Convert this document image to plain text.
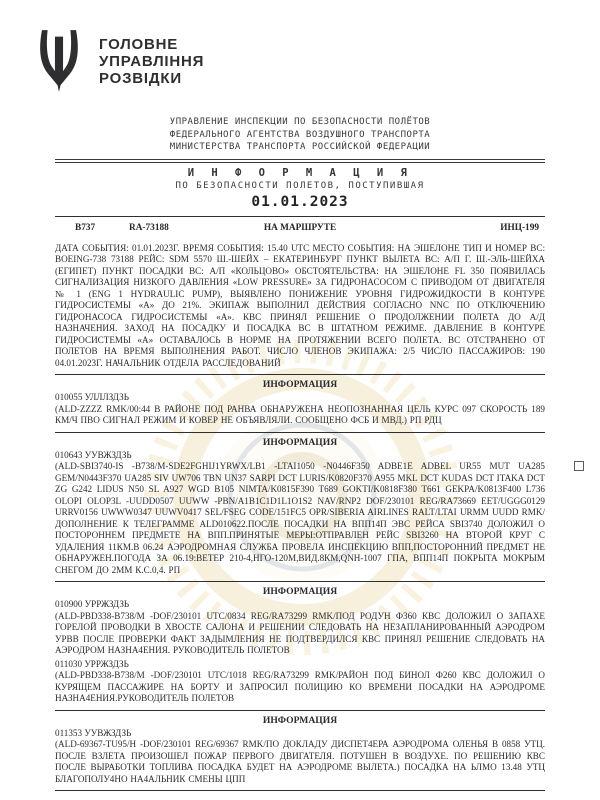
ГОЛОВНЕ
УПРАВЛІННЯ
РОЗВІДКИ
УПРАВЛЕНИЕ ИНСПЕКЦИИ ПО БЕЗОПАСНОСТИ ПОЛЁТОВ
ФЕДЕРАЛЬНОГО АГЕНТСТВА ВОЗДУШНОГО ТРАНСПОРТА
МИНИСТЕРСТВА ТРАНСПОРТА РОССИЙСКОЙ ФЕДЕРАЦИИ
И Н Ф О Р М А Ц И Я
ПО БЕЗОПАСНОСТИ ПОЛЕТОВ, ПОСТУПИВШАЯ
01.01.2023
В737	RA-73188	НА МАРШРУТЕ	ИНЦ-199
ДАТА СОБЫТИЯ: 01.01.2023Г. ВРЕМЯ СОБЫТИЯ: 15.40 UTC МЕСТО СОБЫТИЯ: НА ЭШЕЛОНЕ ТИП И НОМЕР ВС: BOEING-738 73188 РЕЙС: SDM 5570 Ш.-ШЕЙХ – ЕКАТЕРИНБУРГ ПУНКТ ВЫЛЕТА ВС: А/П Г. Ш.-ЭЛЬ-ШЕЙХА (ЕГИПЕТ) ПУНКТ ПОСАДКИ ВС: А/П «КОЛЬЦОВО» ОБСТОЯТЕЛЬСТВА: НА ЭШЕЛОНЕ FL 350 ПОЯВИЛАСЬ СИГНАЛИЗАЦИЯ НИЗКОГО ДАВЛЕНИЯ «LOW PRESSURE» ЗА ГИДРОНАСОСОМ С ПРИВОДОМ ОТ ДВИГАТЕЛЯ № 1 (ENG 1 HYDRAULIC PUMP), ВЫЯВЛЕНО ПОНИЖЕНИЕ УРОВНЯ ГИДРОЖИДКОСТИ В КОНТУРЕ ГИДРОСИСТЕМЫ «А» ДО 21%. ЭКИПАЖ ВЫПОЛНИЛ ДЕЙСТВИЯ СОГЛАСНО NNC ПО ОТКЛЮЧЕНИЮ ГИДРОНАСОСА ГИДРОСИСТЕМЫ «А». КВС ПРИНЯЛ РЕШЕНИЕ О ПРОДОЛЖЕНИИ ПОЛЕТА ДО А/Д НАЗНАЧЕНИЯ. ЗАХОД НА ПОСАДКУ И ПОСАДКА ВС В ШТАТНОМ РЕЖИМЕ. ДАВЛЕНИЕ В КОНТУРЕ ГИДРОСИСТЕМЫ «А» ОСТАВАЛОСЬ В НОРМЕ НА ПРОТЯЖЕНИИ ВСЕГО ПОЛЕТА. ВС ОТСТРАНЕНО ОТ ПОЛЕТОВ НА ВРЕМЯ ВЫПОЛНЕНИЯ РАБОТ. ЧИСЛО ЧЛЕНОВ ЭКИПАЖА: 2/5 ЧИСЛО ПАССАЖИРОВ: 190 04.01.2023Г. НАЧАЛЬНИК ОТДЕЛА РАССЛЕДОВАНИЙ
ИНФОРМАЦИЯ
010055 УЛЛЛЗДЗЬ
(ALD-ZZZZ RMK/00:44 В РАЙОНЕ ПОД РАНВА ОБНАРУЖЕНА НЕОПОЗНАННАЯ ЦЕЛЬ КУРС 097 СКОРОСТЬ 189 КМ/Ч ПВО СИГНАЛ РЕЖИМ И КОВЕР НЕ ОБЪЯВЛЯЛИ. СООБЩЕНО ФСБ И МВД.) РП РДЦ
ИНФОРМАЦИЯ
010643 УУВЖЗДЗЬ
(ALD-SBI3740-IS -B738/M-SDE2FGHIJ1YRWX/LB1 -LTAI1050 -N0446F350 ADBE1E ADBEL UR55 MUT UA285 GEM/N0443F370 UA285 SIV UW706 TBN UN37 SARPI DCT LURIS/K0820F370 A955 MKL DCT KUDAS DCT ITAKA DCT ZG G242 LIDUS N50 SL A927 WGD B105 NIMTA/K0815F390 T689 GOKTI/K0818F380 T661 GEKPA/K0813F400 L736 OLOPI OLOP3L -UUDD0507 UUWW -PBN/A1B1C1D1L1O1S2 NAV/RNP2 DOF/230101 REG/RA73669 EET/UGGG0129 URRV0156 UWWW0347 UUWV0417 SEL/FSEG CODE/151FC5 OPR/SIBERIA AIRLINES RALT/LTAI URMM UUDD RMK/ДОПОЛНЕНИЕ К ТЕЛЕГРАММЕ ALD010622.ПОСЛЕ ПОСАДКИ НА ВПП14П ЭВС РЕЙСА SBI3740 ДОЛОЖИЛ О ПОСТОРОННЕМ ПРЕДМЕТЕ НА ВПП.ПРИНЯТЫЕ МЕРЫ:ОТПРАВЛЕН РЕЙС SBI3260 НА ВТОРОЙ КРУГ С УДАЛЕНИЯ 11КМ.В 06.24 АЭРОДРОМНАЯ СЛУЖБА ПРОВЕЛА ИНСПЕКЦИЮ ВПП,ПОСТОРОННИЙ ПРЕДМЕТ НЕ ОБНАРУЖЕН.ПОГОДА ЗА 06.19:ВЕТЕР 210-4,НГО-120М,ВИД.8КМ,QNH-1007 ГПА, ВПП14П ПОКРЫТА МОКРЫМ СНЕГОМ ДО 2ММ К.С.0,4. РП
ИНФОРМАЦИЯ
010900 УРРЖЗДЗЬ
(ALD-PBD338-B738/M -DOF/230101 UTC/0834 REG/RA73299 RMK/ПОД РОДУН Ф360 КВС ДОЛОЖИЛ О ЗАПАХЕ ГОРЕЛОЙ ПРОВОДКИ В ХВОСТЕ САЛОНА И РЕШЕНИИ СЛЕДОВАТЬ НА НЕЗАПЛАНИРОВАННЫЙ АЭРОДРОМ УРВВ ПОСЛЕ ПРОВЕРКИ ФАКТ ЗАДЫМЛЕНИЯ НЕ ПОДТВЕРДИЛСЯ КВС ПРИНЯЛ РЕШЕНИЕ СЛЕДОВАТЬ НА АЭРОДРОМ НАЗНА4ЕНИЯ. РУКОВОДИТЕЛЬ ПОЛЕТОВ
011030 УРРЖЗДЗЬ
(ALD-PBD338-B738/M -DOF/230101 UTC/1018 REG/RA73299 RMK/РАЙОН ПОД БИНОЛ Ф260 КВС ДОЛОЖИЛ О КУРЯЩЕМ ПАССАЖИРЕ НА БОРТУ И ЗАПРОСИЛ ПОЛИЦИЮ КО ВРЕМЕНИ ПОСАДКИ НА АЭРОДРОМЕ НАЗНА4ЕНИЯ.РУКОВОДИТЕЛЬ ПОЛЕТОВ
ИНФОРМАЦИЯ
011353 УУВЖЗДЗЬ
(ALD-69367-TU95/H -DOF/230101 REG/69367 RMK/ПО ДОКЛАДУ ДИСПЕТ4ЕРА АЭРОДРОМА ОЛЕНЬЯ В 0858 УТЦ. ПОСЛЕ ВЗЛЕТА ПРОИЗОШЕЛ ПОЖАР ПЕРВОГО ДВИГАТЕЛЯ. ПОТУШЕН В ВОЗДУХЕ. ПО РЕШЕНИЮ КВС ПОСЛЕ ВЫРАБОТКИ ТОПЛИВА ПОСАДКА БУДЕТ НА АЭРОДРОМЕ ВЫЛЕТА.) ПОСАДКА НА ЬЛМО 13.48 УТЦ БЛАГОПОЛУ4НО НА4АЛЬНИК СМЕНЫ ЦПП
